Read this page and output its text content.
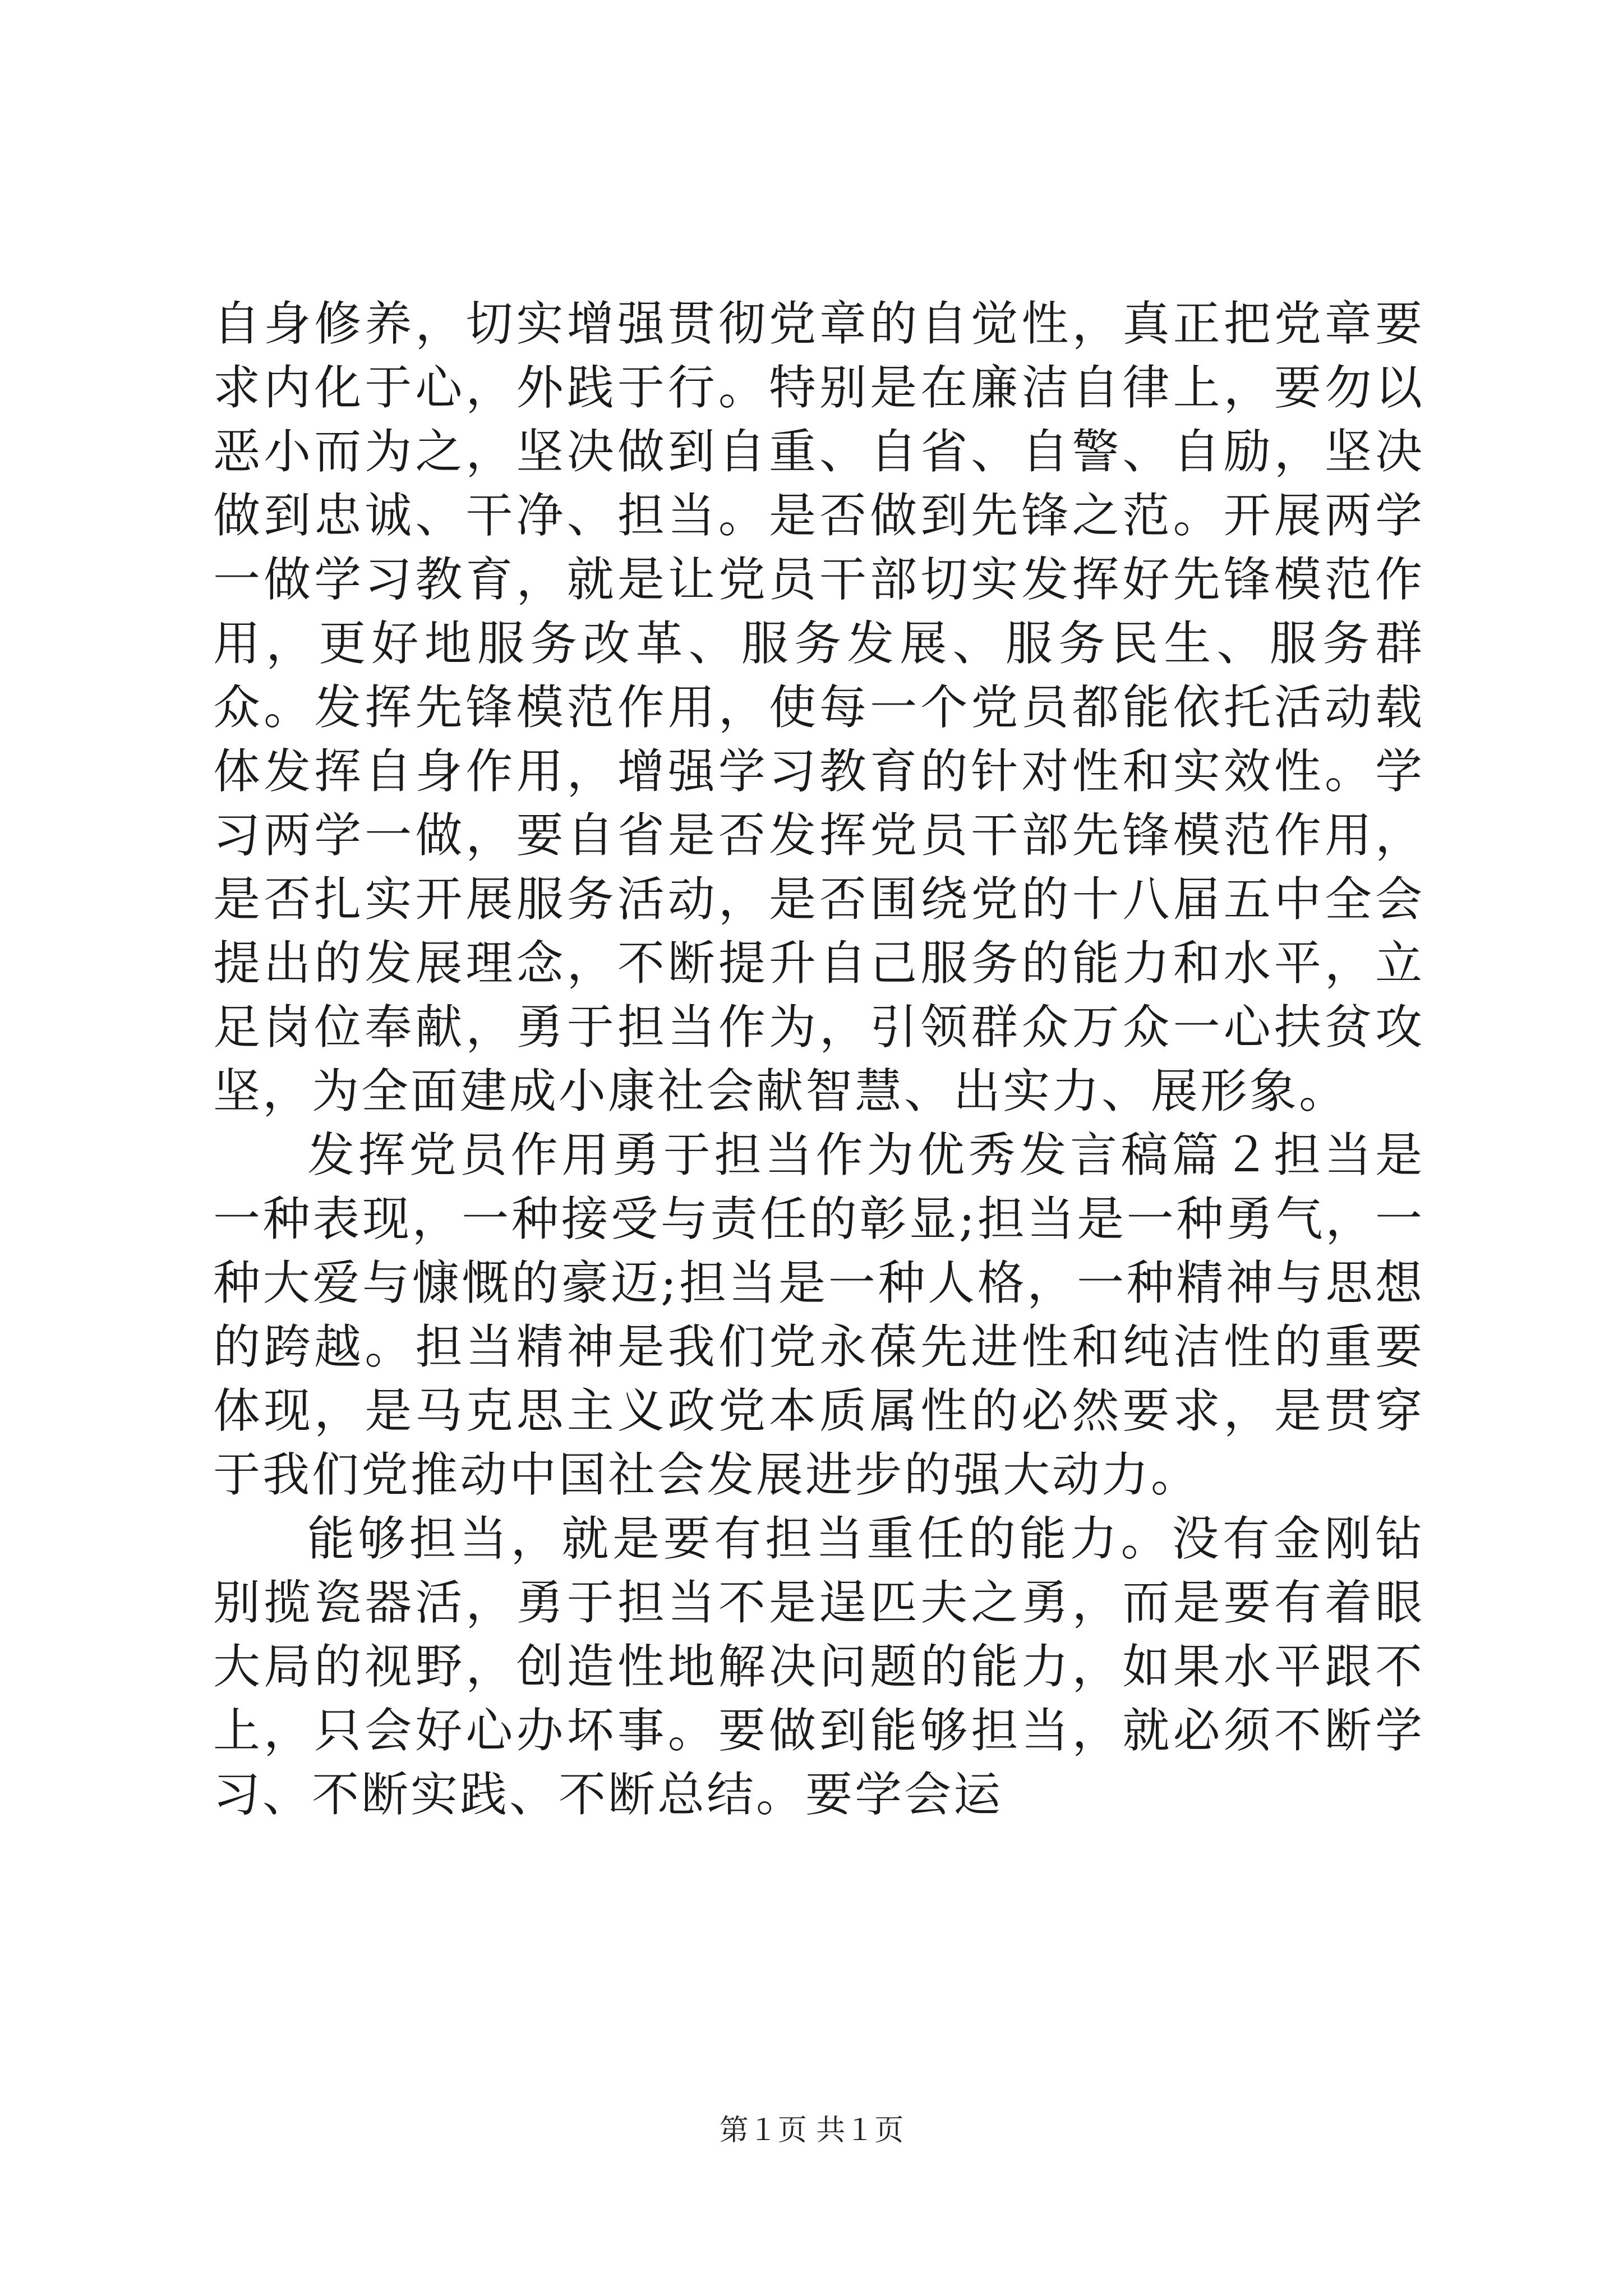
自身修养，切实增强贯彻党章的自觉性，真正把党章要求内化于心，外践于行。特别是在廉洁自律上，要勿以恶小而为之，坚决做到自重、自省、自警、自励，坚决做到忠诚、干净、担当。是否做到先锋之范。开展两学一做学习教育，就是让党员干部切实发挥好先锋模范作用，更好地服务改革、服务发展、服务民生、服务群众。发挥先锋模范作用，使每一个党员都能依托活动载体发挥自身作用，增强学习教育的针对性和实效性。学习两学一做，要自省是否发挥党员干部先锋模范作用，是否扎实开展服务活动，是否围绕党的十八届五中全会提出的发展理念，不断提升自己服务的能力和水平，立足岗位奉献，勇于担当作为，引领群众万众一心扶贫攻坚，为全面建成小康社会献智慧、出实力、展形象。

发挥党员作用勇于担当作为优秀发言稿篇２担当是一种表现，一种接受与责任的彰显;担当是一种勇气，一种大爱与慷慨的豪迈;担当是一种人格，一种精神与思想的跨越。担当精神是我们党永葆先进性和纯洁性的重要体现，是马克思主义政党本质属性的必然要求，是贯穿于我们党推动中国社会发展进步的强大动力。

能够担当，就是要有担当重任的能力。没有金刚钻别揽瓷器活，勇于担当不是逞匹夫之勇，而是要有着眼大局的视野，创造性地解决问题的能力，如果水平跟不上，只会好心办坏事。要做到能够担当，就必须不断学习、不断实践、不断总结。要学会运

第１页 共１页
